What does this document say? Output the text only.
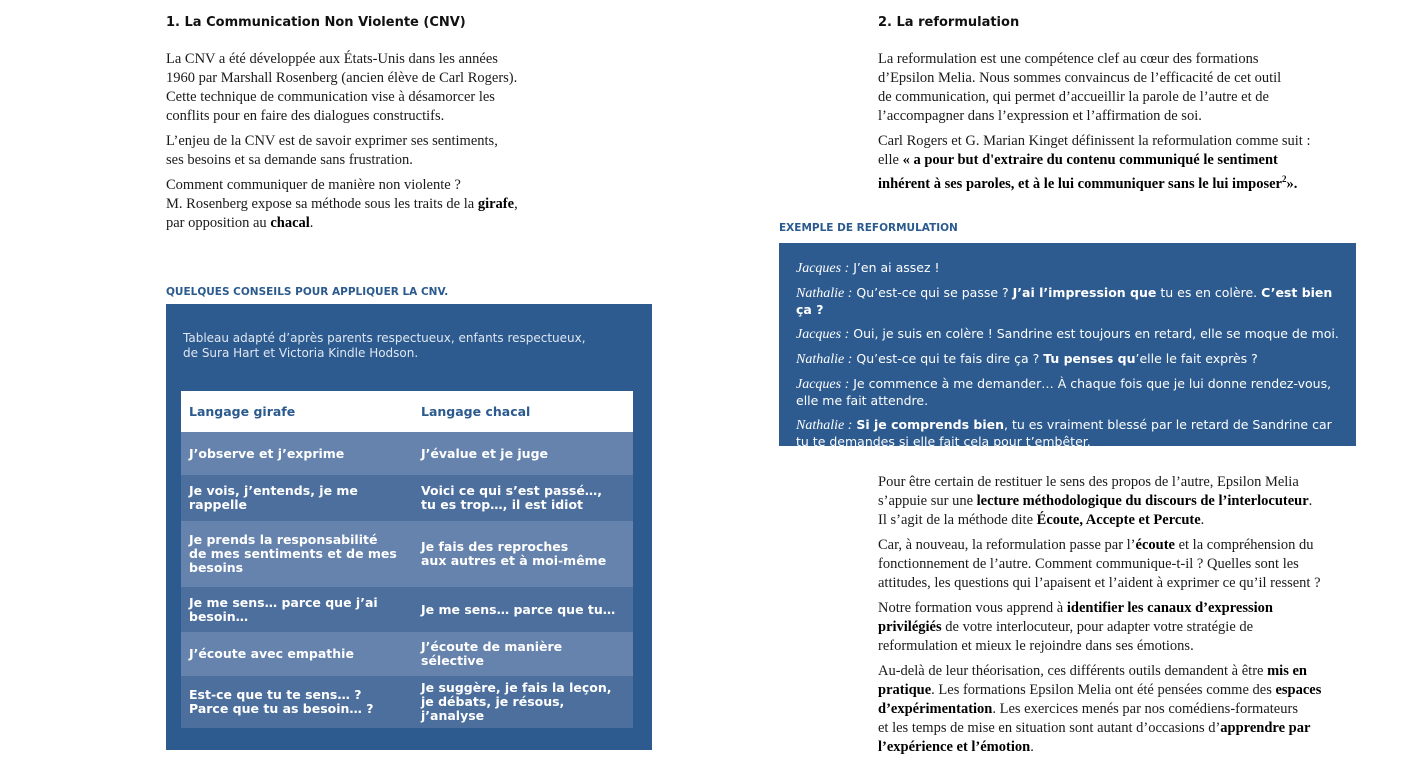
1. La Communication Non Violente (CNV)

La CNV a été développée aux États-Unis dans les années
1960 par Marshall Rosenberg (ancien élève de Carl Rogers).
Cette technique de communication vise à désamorcer les
conflits pour en faire des dialogues constructifs.

L’enjeu de la CNV est de savoir exprimer ses sentiments,
ses besoins et sa demande sans frustration.

Comment communiquer de manière non violente ?
M. Rosenberg expose sa méthode sous les traits de la girafe,
par opposition au chacal.

QUELQUES CONSEILS POUR APPLIQUER LA CNV.
Tableau adapté d’après parents respectueux, enfants respectueux,
de Sura Hart et Victoria Kindle Hodson.
Langage girafe	Langage chacal
J’observe et j’exprime	J’évalue et je juge
Je vois, j’entends, je me rappelle	Voici ce qui s’est passé…,
tu es trop…, il est idiot
Je prends la responsabilité
de mes sentiments et de mes
besoins	Je fais des reproches
aux autres et à moi-même
Je me sens… parce que j’ai
besoin…	Je me sens… parce que tu…
J’écoute avec empathie	J’écoute de manière sélective
Est-ce que tu te sens… ?
Parce que tu as besoin… ?	Je suggère, je fais la leçon,
je débats, je résous, j’analyse
2. La reformulation

La reformulation est une compétence clef au cœur des formations
d’Epsilon Melia. Nous sommes convaincus de l’efficacité de cet outil
de communication, qui permet d’accueillir la parole de l’autre et de
l’accompagner dans l’expression et l’affirmation de soi.

Carl Rogers et G. Marian Kinget définissent la reformulation comme suit :
elle « a pour but d'extraire du contenu communiqué le sentiment
inhérent à ses paroles, et à le lui communiquer sans le lui imposer$^2$».

EXEMPLE DE REFORMULATION
Jacques : J’en ai assez !
Nathalie : Qu’est-ce qui se passe ? J’ai l’impression que tu es en colère. C’est bien ça ?
Jacques : Oui, je suis en colère ! Sandrine est toujours en retard, elle se moque de moi.
Nathalie : Qu’est-ce qui te fais dire ça ? Tu penses qu’elle le fait exprès ?
Jacques : Je commence à me demander… À chaque fois que je lui donne rendez-vous, elle me fait attendre.
Nathalie : Si je comprends bien, tu es vraiment blessé par le retard de Sandrine car tu te demandes si elle fait cela pour t’embêter.

Pour être certain de restituer le sens des propos de l’autre, Epsilon Melia
s’appuie sur une lecture méthodologique du discours de l’interlocuteur.
Il s’agit de la méthode dite Écoute, Accepte et Percute.

Car, à nouveau, la reformulation passe par l’écoute et la compréhension du
fonctionnement de l’autre. Comment communique-t-il ? Quelles sont les
attitudes, les questions qui l’apaisent et l’aident à exprimer ce qu’il ressent ?

Notre formation vous apprend à identifier les canaux d’expression
privilégiés de votre interlocuteur, pour adapter votre stratégie de
reformulation et mieux le rejoindre dans ses émotions.

Au-delà de leur théorisation, ces différents outils demandent à être mis en
pratique. Les formations Epsilon Melia ont été pensées comme des espaces
d’expérimentation. Les exercices menés par nos comédiens-formateurs
et les temps de mise en situation sont autant d’occasions d’apprendre par
l’expérience et l’émotion.
